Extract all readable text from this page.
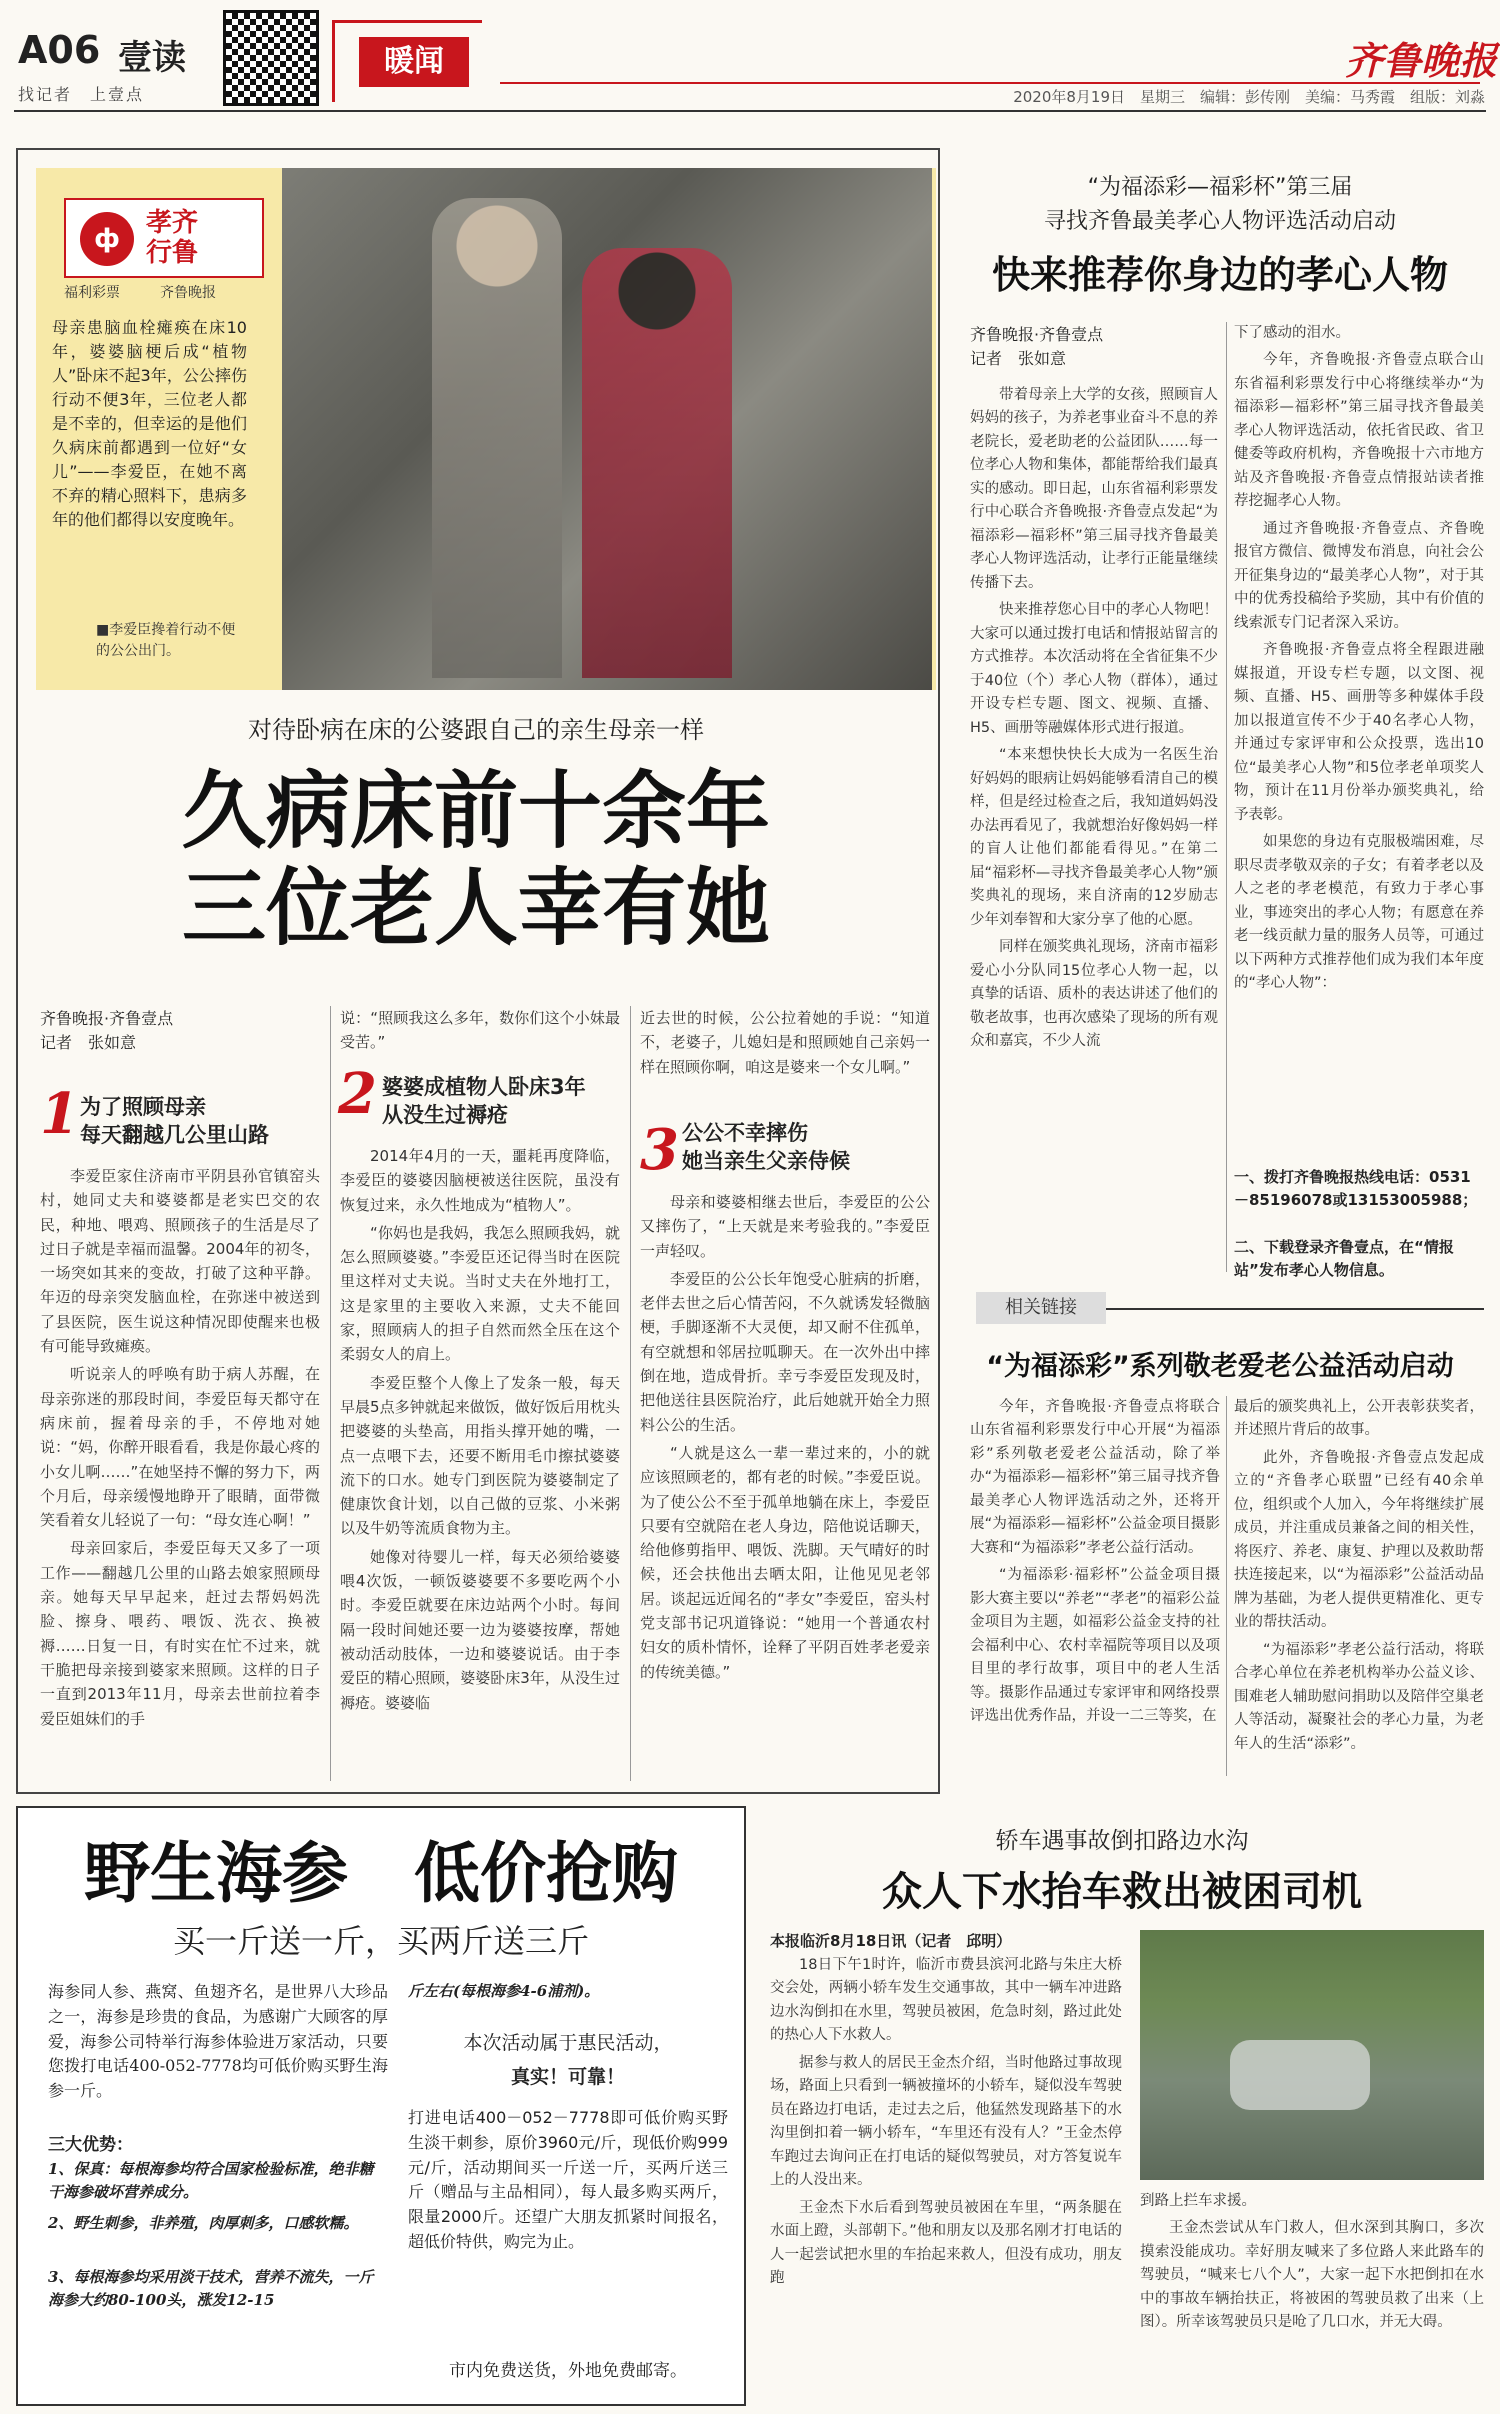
A06 壹读
找记者　上壹点
暖闻	齐鲁晚报
2020年8月19日　星期三　编辑：彭传刚　美编：马秀霞　组版：刘淼
ф
孝齐行鲁
福利彩票	齐鲁晚报
母亲患脑血栓瘫痪在床10年，婆婆脑梗后成“植物人”卧床不起3年，公公摔伤行动不便3年，三位老人都是不幸的，但幸运的是他们久病床前都遇到一位好“女儿”——李爱臣，在她不离不弃的精心照料下，患病多年的他们都得以安度晚年。
■李爱臣搀着行动不便的公公出门。
对待卧病在床的公婆跟自己的亲生母亲一样
久病床前十余年
三位老人幸有她
齐鲁晚报·齐鲁壹点
记者　张如意
1 为了照顾母亲
每天翻越几公里山路

李爱臣家住济南市平阴县孙官镇窑头村，她同丈夫和婆婆都是老实巴交的农民，种地、喂鸡、照顾孩子的生活是尽了过日子就是幸福而温馨。2004年的初冬，一场突如其来的变故，打破了这种平静。年迈的母亲突发脑血栓，在弥迷中被送到了县医院，医生说这种情况即使醒来也极有可能导致瘫痪。

听说亲人的呼唤有助于病人苏醒，在母亲弥迷的那段时间，李爱臣每天都守在病床前，握着母亲的手，不停地对她说：“妈，你醉开眼看看，我是你最心疼的小女儿啊……”在她坚持不懈的努力下，两个月后，母亲缓慢地睁开了眼睛，面带微笑看着女儿轻说了一句：“母女连心啊！”

母亲回家后，李爱臣每天又多了一项工作——翻越几公里的山路去娘家照顾母亲。她每天早早起来，赶过去帮妈妈洗脸、擦身、喂药、喂饭、洗衣、换被褥……日复一日，有时实在忙不过来，就干脆把母亲接到婆家来照顾。这样的日子一直到2013年11月，母亲去世前拉着李爱臣姐妹们的手

说：“照顾我这么多年，数你们这个小妹最受苦。”

2 婆婆成植物人卧床3年
从没生过褥疮

2014年4月的一天，噩耗再度降临，李爱臣的婆婆因脑梗被送往医院，虽没有恢复过来，永久性地成为“植物人”。

“你妈也是我妈，我怎么照顾我妈，就怎么照顾婆婆。”李爱臣还记得当时在医院里这样对丈夫说。当时丈夫在外地打工，这是家里的主要收入来源，丈夫不能回家，照顾病人的担子自然而然全压在这个柔弱女人的肩上。

李爱臣整个人像上了发条一般，每天早晨5点多钟就起来做饭，做好饭后用枕头把婆婆的头垫高，用指头撑开她的嘴，一点一点喂下去，还要不断用毛巾擦拭婆婆流下的口水。她专门到医院为婆婆制定了健康饮食计划，以自己做的豆浆、小米粥以及牛奶等流质食物为主。

她像对待婴儿一样，每天必须给婆婆喂4次饭，一顿饭婆婆要不多要吃两个小时。李爱臣就要在床边站两个小时。每间隔一段时间她还要一边为婆婆按摩，帮她被动活动肢体，一边和婆婆说话。由于李爱臣的精心照顾，婆婆卧床3年，从没生过褥疮。婆婆临

近去世的时候，公公拉着她的手说：“知道不，老婆子，儿媳妇是和照顾她自己亲妈一样在照顾你啊，咱这是婆来一个女儿啊。”

3 公公不幸摔伤
她当亲生父亲侍候

母亲和婆婆相继去世后，李爱臣的公公又摔伤了，“上天就是来考验我的。”李爱臣一声轻叹。

李爱臣的公公长年饱受心脏病的折磨，老伴去世之后心情苦闷，不久就诱发轻微脑梗，手脚逐渐不大灵便，却又耐不住孤单，有空就想和邻居拉呱聊天。在一次外出中摔倒在地，造成骨折。幸亏李爱臣发现及时，把他送往县医院治疗，此后她就开始全力照料公公的生活。

“人就是这么一辈一辈过来的，小的就应该照顾老的，都有老的时候。”李爱臣说。为了使公公不至于孤单地躺在床上，李爱臣只要有空就陪在老人身边，陪他说话聊天，给他修剪指甲、喂饭、洗脚。天气晴好的时候，还会扶他出去晒太阳，让他见见老邻居。谈起远近闻名的“孝女”李爱臣，窑头村党支部书记巩道锋说：“她用一个普通农村妇女的质朴情怀，诠释了平阴百姓孝老爱亲的传统美德。”

“为福添彩—福彩杯”第三届
寻找齐鲁最美孝心人物评选活动启动
快来推荐你身边的孝心人物
齐鲁晚报·齐鲁壹点
记者　张如意

带着母亲上大学的女孩，照顾盲人妈妈的孩子，为养老事业奋斗不息的养老院长，爱老助老的公益团队……每一位孝心人物和集体，都能帮给我们最真实的感动。即日起，山东省福利彩票发行中心联合齐鲁晚报·齐鲁壹点发起“为福添彩—福彩杯”第三届寻找齐鲁最美孝心人物评选活动，让孝行正能量继续传播下去。

快来推荐您心目中的孝心人物吧！大家可以通过拨打电话和情报站留言的方式推荐。本次活动将在全省征集不少于40位（个）孝心人物（群体），通过开设专栏专题、图文、视频、直播、H5、画册等融媒体形式进行报道。

“本来想快快长大成为一名医生治好妈妈的眼病让妈妈能够看清自己的模样，但是经过检查之后，我知道妈妈没办法再看见了，我就想治好像妈妈一样的盲人让他们都能看得见。”在第二届“福彩杯—寻找齐鲁最美孝心人物”颁奖典礼的现场，来自济南的12岁励志少年刘奉智和大家分享了他的心愿。

同样在颁奖典礼现场，济南市福彩爱心小分队同15位孝心人物一起，以真挚的话语、质朴的表达讲述了他们的敬老故事，也再次感染了现场的所有观众和嘉宾，不少人流

下了感动的泪水。

今年，齐鲁晚报·齐鲁壹点联合山东省福利彩票发行中心将继续举办“为福添彩—福彩杯”第三届寻找齐鲁最美孝心人物评选活动，依托省民政、省卫健委等政府机构，齐鲁晚报十六市地方站及齐鲁晚报·齐鲁壹点情报站读者推荐挖掘孝心人物。

通过齐鲁晚报·齐鲁壹点、齐鲁晚报官方微信、微博发布消息，向社会公开征集身边的“最美孝心人物”，对于其中的优秀投稿给予奖励，其中有价值的线索派专门记者深入采访。

齐鲁晚报·齐鲁壹点将全程跟进融媒报道，开设专栏专题，以文图、视频、直播、H5、画册等多种媒体手段加以报道宣传不少于40名孝心人物，并通过专家评审和公众投票，选出10位“最美孝心人物”和5位孝老单项奖人物，预计在11月份举办颁奖典礼，给予表彰。

如果您的身边有克服极端困难，尽职尽责孝敬双亲的子女；有着孝老以及人之老的孝老模范，有致力于孝心事业，事迹突出的孝心人物；有愿意在养老一线贡献力量的服务人员等，可通过以下两种方式推荐他们成为我们本年度的“孝心人物”：

一、拨打齐鲁晚报热线电话：0531－85196078或13153005988；
二、下载登录齐鲁壹点，在“情报站”发布孝心人物信息。
相关链接
“为福添彩”系列敬老爱老公益活动启动

今年，齐鲁晚报·齐鲁壹点将联合山东省福利彩票发行中心开展“为福添彩”系列敬老爱老公益活动，除了举办“为福添彩—福彩杯”第三届寻找齐鲁最美孝心人物评选活动之外，还将开展“为福添彩—福彩杯”公益金项目摄影大赛和“为福添彩”孝老公益行活动。

“为福添彩·福彩杯”公益金项目摄影大赛主要以“养老”“孝老”的福彩公益金项目为主题，如福彩公益金支持的社会福利中心、农村幸福院等项目以及项目里的孝行故事，项目中的老人生活等。摄影作品通过专家评审和网络投票评选出优秀作品，并设一二三等奖，在

最后的颁奖典礼上，公开表彰获奖者，并述照片背后的故事。

此外，齐鲁晚报·齐鲁壹点发起成立的“齐鲁孝心联盟”已经有40余单位，组织或个人加入，今年将继续扩展成员，并注重成员兼备之间的相关性，将医疗、养老、康复、护理以及救助帮扶连接起来，以“为福添彩”公益活动品牌为基础，为老人提供更精准化、更专业的帮扶活动。

“为福添彩”孝老公益行活动，将联合孝心单位在养老机构举办公益义诊、围难老人辅助慰问捐助以及陪伴空巢老人等活动，凝聚社会的孝心力量，为老年人的生活“添彩”。

野生海参　低价抢购
买一斤送一斤，买两斤送三斤
海参同人参、燕窝、鱼翅齐名，是世界八大珍品之一，海参是珍贵的食品，为感谢广大顾客的厚爱，海参公司特举行海参体验进万家活动，只要您拨打电话400-052-7778均可低价购买野生海参一斤。
三大优势：
1、保真：每根海参均符合国家检验标准，绝非糖干海参破坏营养成分。
2、野生刺参，非养殖，肉厚刺多，口感软糯。
3、每根海参均采用淡干技术，营养不流失，一斤海参大约80-100头，涨发12-15
斤左右(每根海参4-6浦剂)。
本次活动属于惠民活动，
真实！可靠！
打进电话400－052－7778即可低价购买野生淡干刺参，原价3960元/斤，现低价购999元/斤，活动期间买一斤送一斤，买两斤送三斤（赠品与主品相同），每人最多购买两斤，限量2000斤。还望广大朋友抓紧时间报名，超低价特供，购完为止。
市内免费送货，外地免费邮寄。
轿车遇事故倒扣路边水沟
众人下水抬车救出被困司机
本报临沂8月18日讯（记者　邱明）

18日下午1时许，临沂市费县滨河北路与朱庄大桥交会处，两辆小轿车发生交通事故，其中一辆车冲进路边水沟倒扣在水里，驾驶员被困，危急时刻，路过此处的热心人下水救人。

据参与救人的居民王金杰介绍，当时他路过事故现场，路面上只看到一辆被撞坏的小轿车，疑似没车驾驶员在路边打电话，走过去之后，他猛然发现路基下的水沟里倒扣着一辆小轿车，“车里还有没有人？”王金杰停车跑过去询问正在打电话的疑似驾驶员，对方答复说车上的人没出来。

王金杰下水后看到驾驶员被困在车里，“两条腿在水面上蹬，头部朝下。”他和朋友以及那名刚才打电话的人一起尝试把水里的车抬起来救人，但没有成功，朋友跑

到路上拦车求援。

王金杰尝试从车门救人，但水深到其胸口，多次摸索没能成功。幸好朋友喊来了多位路人来此路车的驾驶员，“喊来七八个人”，大家一起下水把倒扣在水中的事故车辆抬扶正，将被困的驾驶员救了出来（上图）。所幸该驾驶员只是呛了几口水，并无大碍。
